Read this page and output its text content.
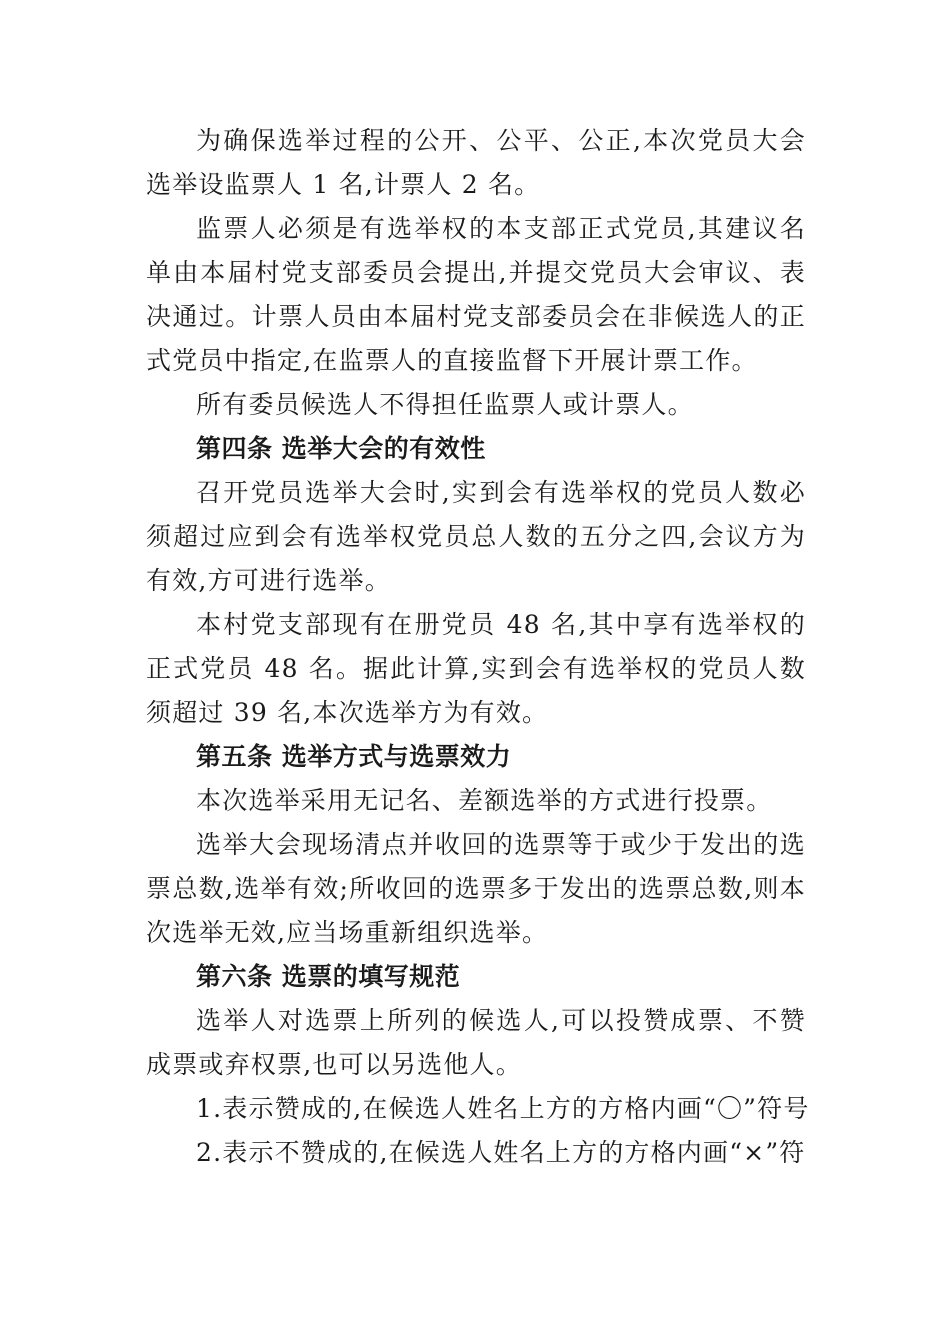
为确保选举过程的公开、公平、公正,本次党员大会选举设监票人 1 名,计票人 2 名。

监票人必须是有选举权的本支部正式党员,其建议名单由本届村党支部委员会提出,并提交党员大会审议、表决通过。计票人员由本届村党支部委员会在非候选人的正式党员中指定,在监票人的直接监督下开展计票工作。

所有委员候选人不得担任监票人或计票人。

第四条 选举大会的有效性

召开党员选举大会时,实到会有选举权的党员人数必须超过应到会有选举权党员总人数的五分之四,会议方为有效,方可进行选举。

本村党支部现有在册党员 48 名,其中享有选举权的正式党员 48 名。据此计算,实到会有选举权的党员人数须超过 39 名,本次选举方为有效。

第五条 选举方式与选票效力

本次选举采用无记名、差额选举的方式进行投票。

选举大会现场清点并收回的选票等于或少于发出的选票总数,选举有效;所收回的选票多于发出的选票总数,则本次选举无效,应当场重新组织选举。

第六条 选票的填写规范

选举人对选票上所列的候选人,可以投赞成票、不赞成票或弃权票,也可以另选他人。

1.表示赞成的,在候选人姓名上方的方格内画“〇”符号

2.表示不赞成的,在候选人姓名上方的方格内画“×”符
